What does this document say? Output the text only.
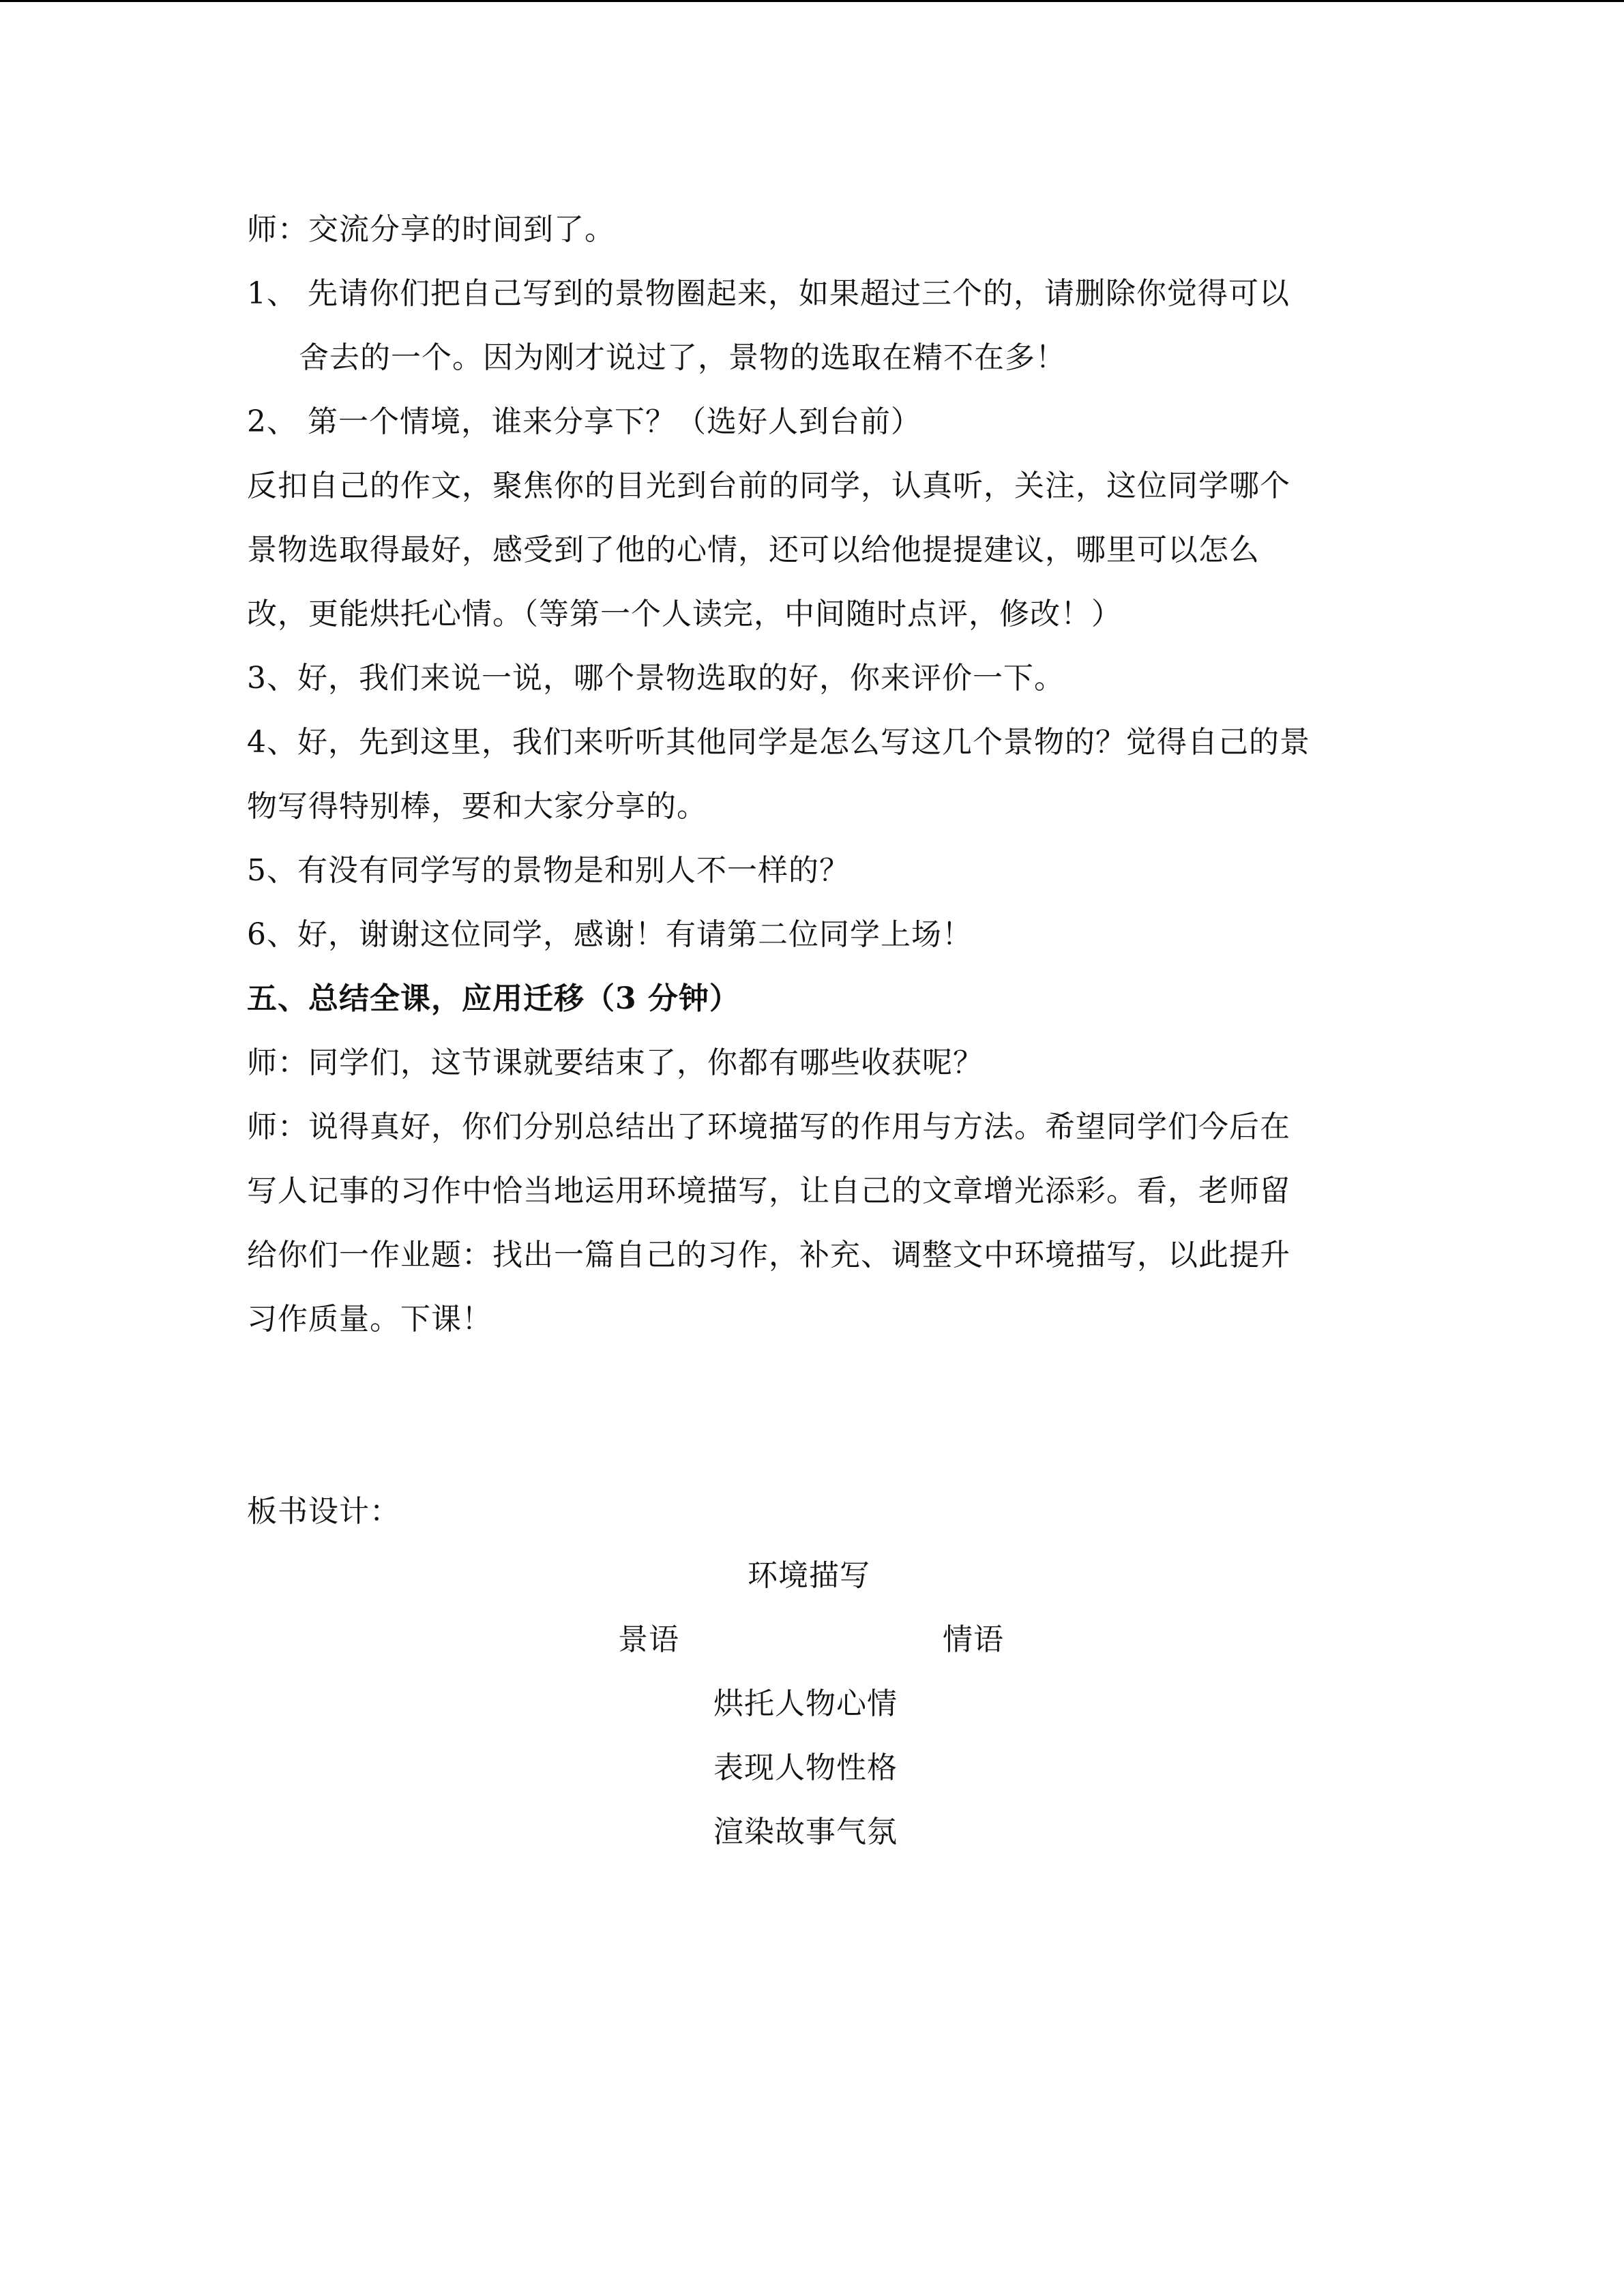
师：交流分享的时间到了。
1、 先请你们把自己写到的景物圈起来，如果超过三个的，请删除你觉得可以
舍去的一个。因为刚才说过了，景物的选取在精不在多！
2、 第一个情境，谁来分享下？（选好人到台前）
反扣自己的作文，聚焦你的目光到台前的同学，认真听，关注，这位同学哪个
景物选取得最好，感受到了他的心情，还可以给他提提建议，哪里可以怎么
改，更能烘托心情。（等第一个人读完，中间随时点评，修改！）
3、好，我们来说一说，哪个景物选取的好，你来评价一下。
4、好，先到这里，我们来听听其他同学是怎么写这几个景物的？觉得自己的景
物写得特别棒，要和大家分享的。
5、有没有同学写的景物是和别人不一样的？
6、好，谢谢这位同学，感谢！有请第二位同学上场！
五、总结全课，应用迁移（3 分钟）
师：同学们，这节课就要结束了，你都有哪些收获呢？
师：说得真好，你们分别总结出了环境描写的作用与方法。希望同学们今后在
写人记事的习作中恰当地运用环境描写，让自己的文章增光添彩。看，老师留
给你们一作业题：找出一篇自己的习作，补充、调整文中环境描写，以此提升
习作质量。下课！
板书设计：
环境描写
景语	情语
烘托人物心情
表现人物性格
渲染故事气氛
